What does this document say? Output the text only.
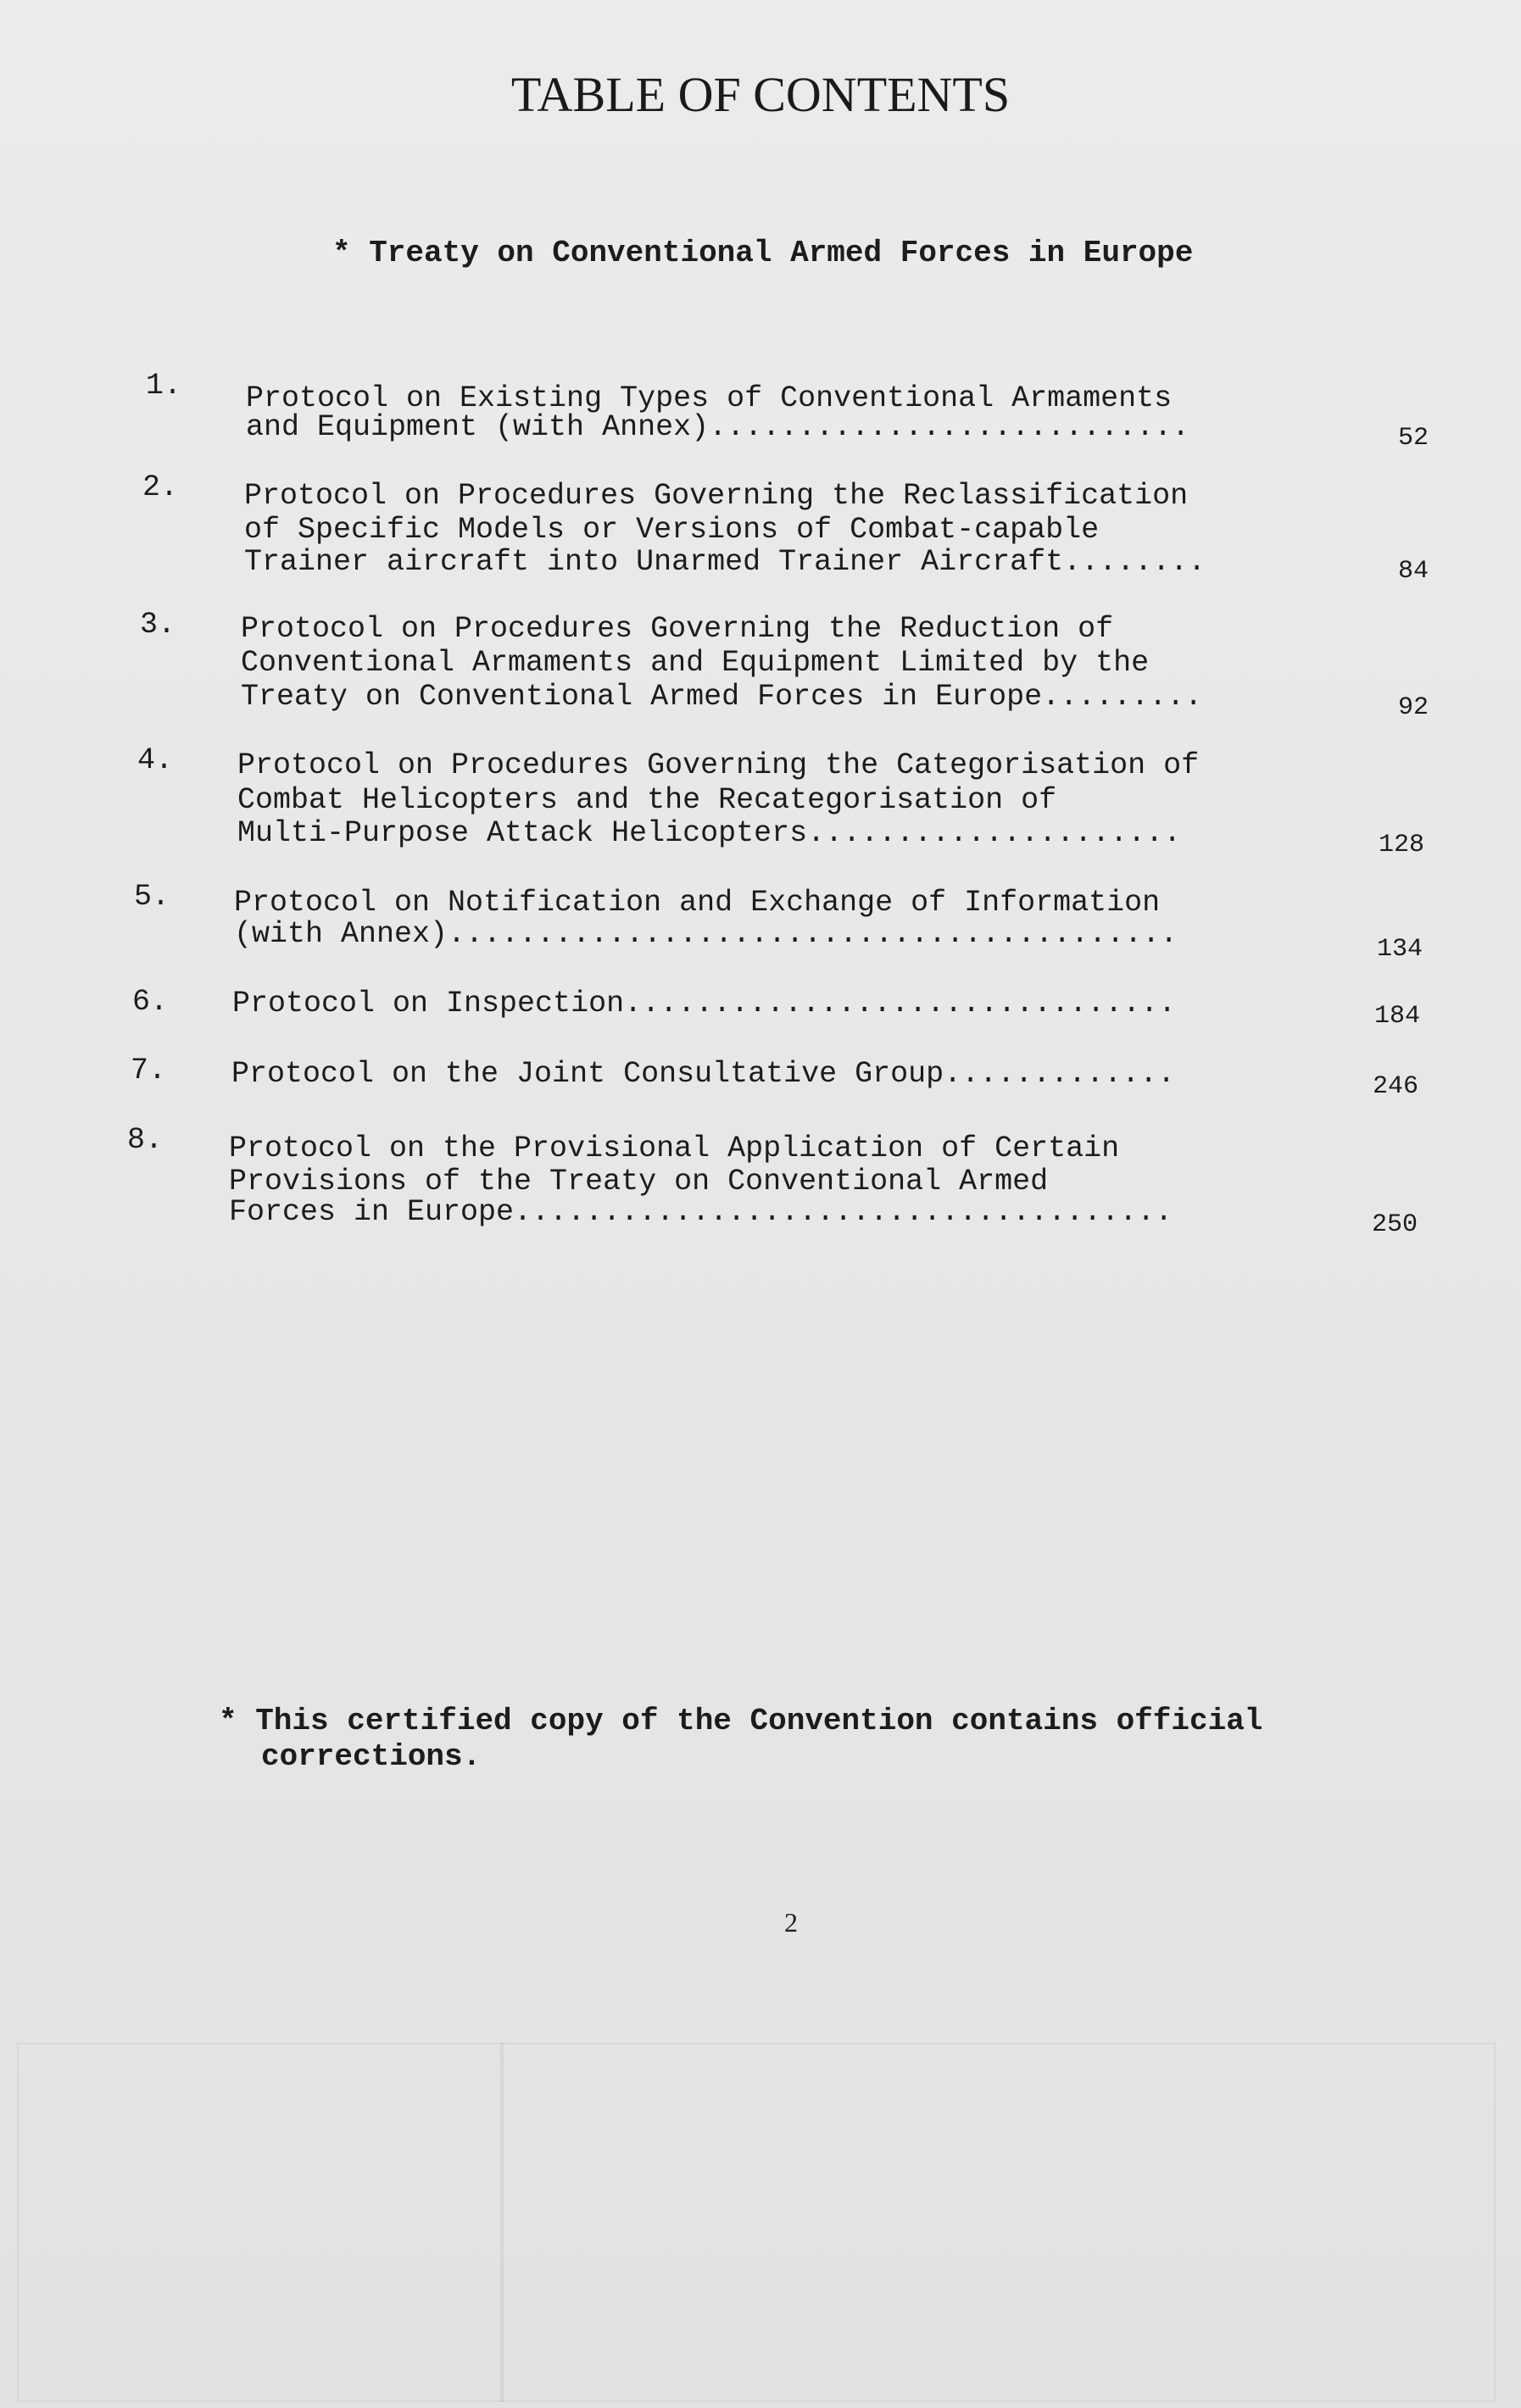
TABLE OF CONTENTS
* Treaty on Conventional Armed Forces in Europe
1. Protocol on Existing Types of Conventional Armaments
and Equipment (with Annex)...........................	52
2. Protocol on Procedures Governing the Reclassification
of Specific Models or Versions of Combat-capable
Trainer aircraft into Unarmed Trainer Aircraft........	84
3. Protocol on Procedures Governing the Reduction of
Conventional Armaments and Equipment Limited by the
Treaty on Conventional Armed Forces in Europe.........	92
4. Protocol on Procedures Governing the Categorisation of
Combat Helicopters and the Recategorisation of
Multi-Purpose Attack Helicopters.....................	128
5. Protocol on Notification and Exchange of Information
(with Annex).........................................	134
6. Protocol on Inspection...............................	184
7. Protocol on the Joint Consultative Group.............	246
8. Protocol on the Provisional Application of Certain
Provisions of the Treaty on Conventional Armed
Forces in Europe.....................................	250
* This certified copy of the Convention contains official
corrections.
2
